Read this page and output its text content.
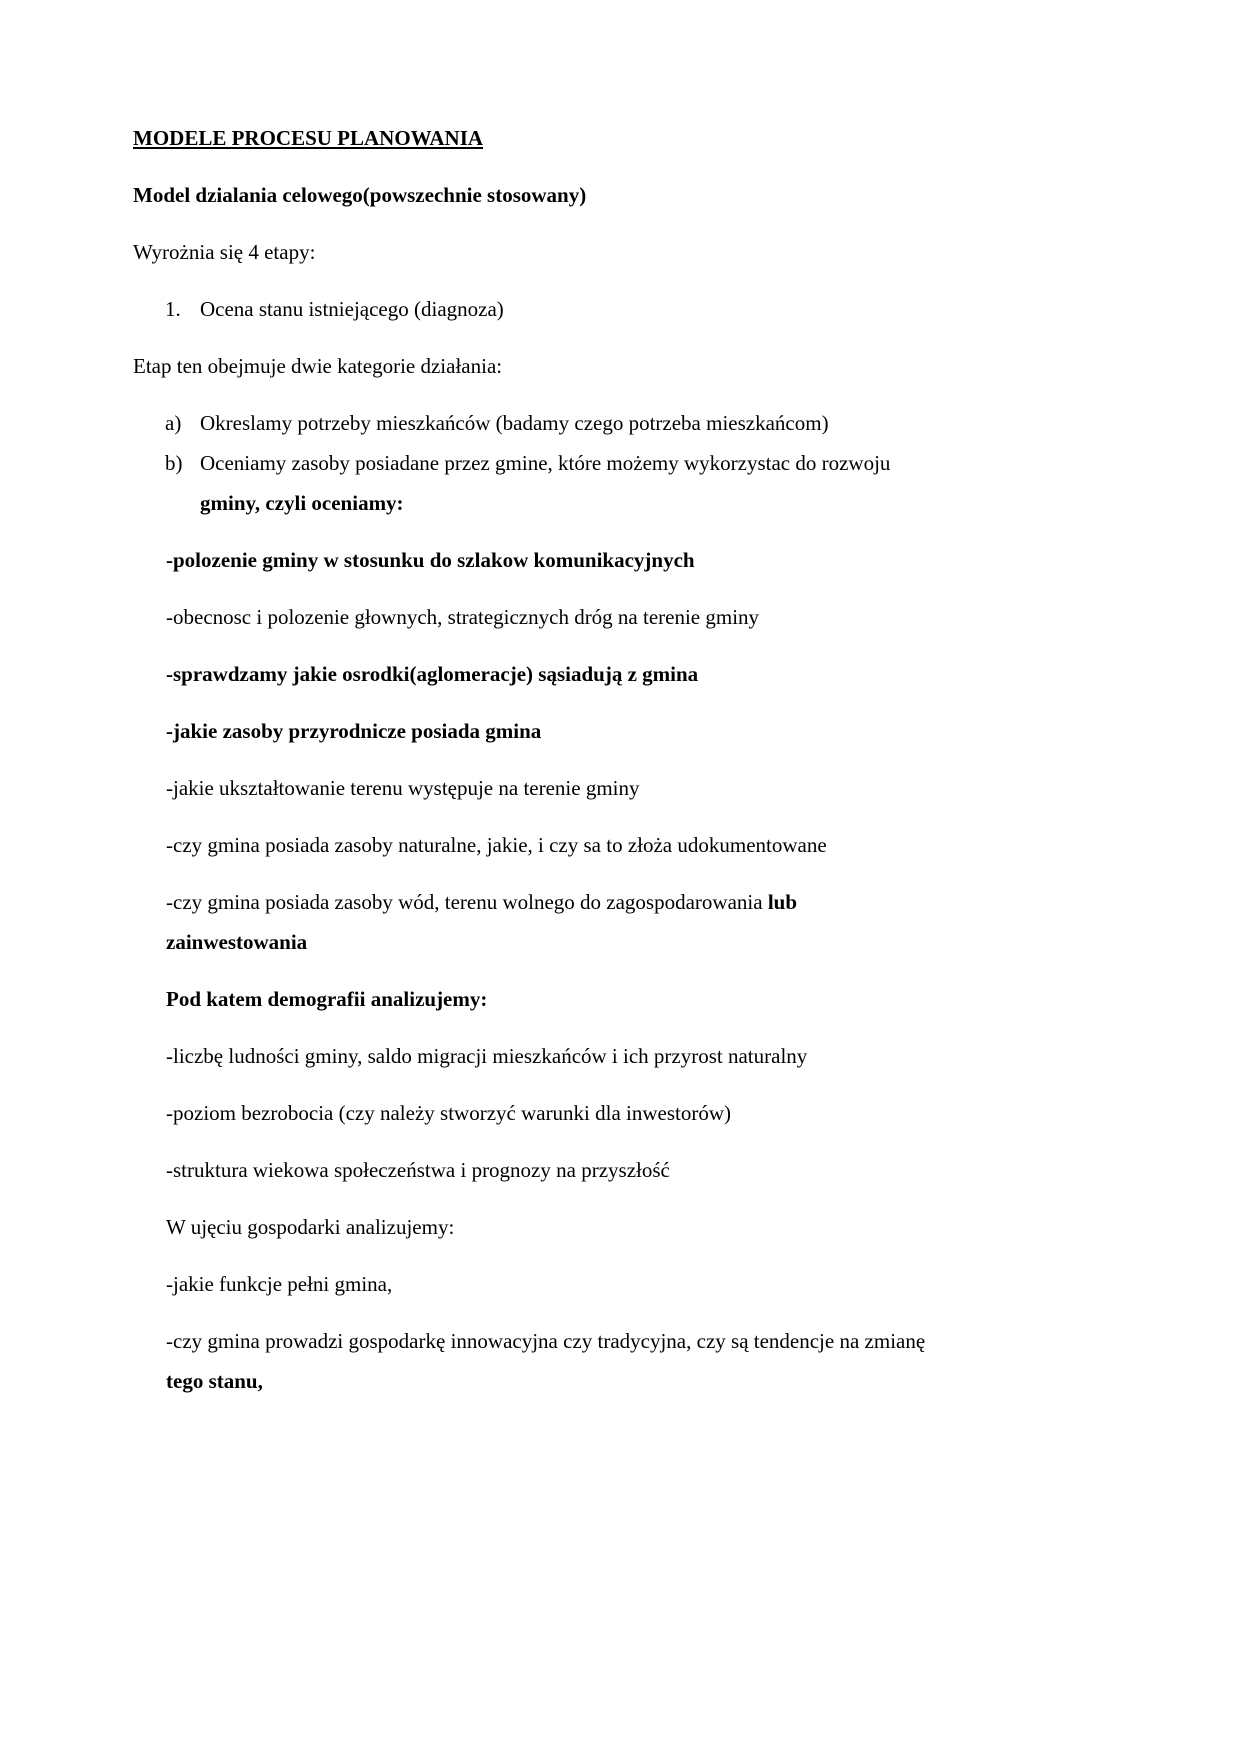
MODELE PROCESU PLANOWANIA
Model dzialania celowego(powszechnie stosowany)
Wyrożnia się 4 etapy:
1. Ocena stanu istniejącego (diagnoza)
Etap ten obejmuje dwie kategorie działania:
a) Okreslamy potrzeby mieszkańców (badamy czego potrzeba mieszkańcom)
b) Oceniamy zasoby posiadane przez gmine, które możemy wykorzystac do rozwoju
gminy, czyli oceniamy:
-polozenie gminy w stosunku do szlakow komunikacyjnych
-obecnosc i polozenie głownych, strategicznych dróg na terenie gminy
-sprawdzamy jakie osrodki(aglomeracje) sąsiadują z gmina
-jakie zasoby przyrodnicze posiada gmina
-jakie ukształtowanie terenu występuje na terenie gminy
-czy gmina posiada zasoby naturalne, jakie, i czy sa to złoża udokumentowane
-czy gmina posiada zasoby wód, terenu wolnego do zagospodarowania lub
zainwestowania
Pod katem demografii analizujemy:
-liczbę ludności gminy, saldo migracji mieszkańców i ich przyrost naturalny
-poziom bezrobocia (czy należy stworzyć warunki dla inwestorów)
-struktura wiekowa społeczeństwa i prognozy na przyszłość
W ujęciu gospodarki analizujemy:
-jakie funkcje pełni gmina,
-czy gmina prowadzi gospodarkę innowacyjna czy tradycyjna, czy są tendencje na zmianę
tego stanu,
